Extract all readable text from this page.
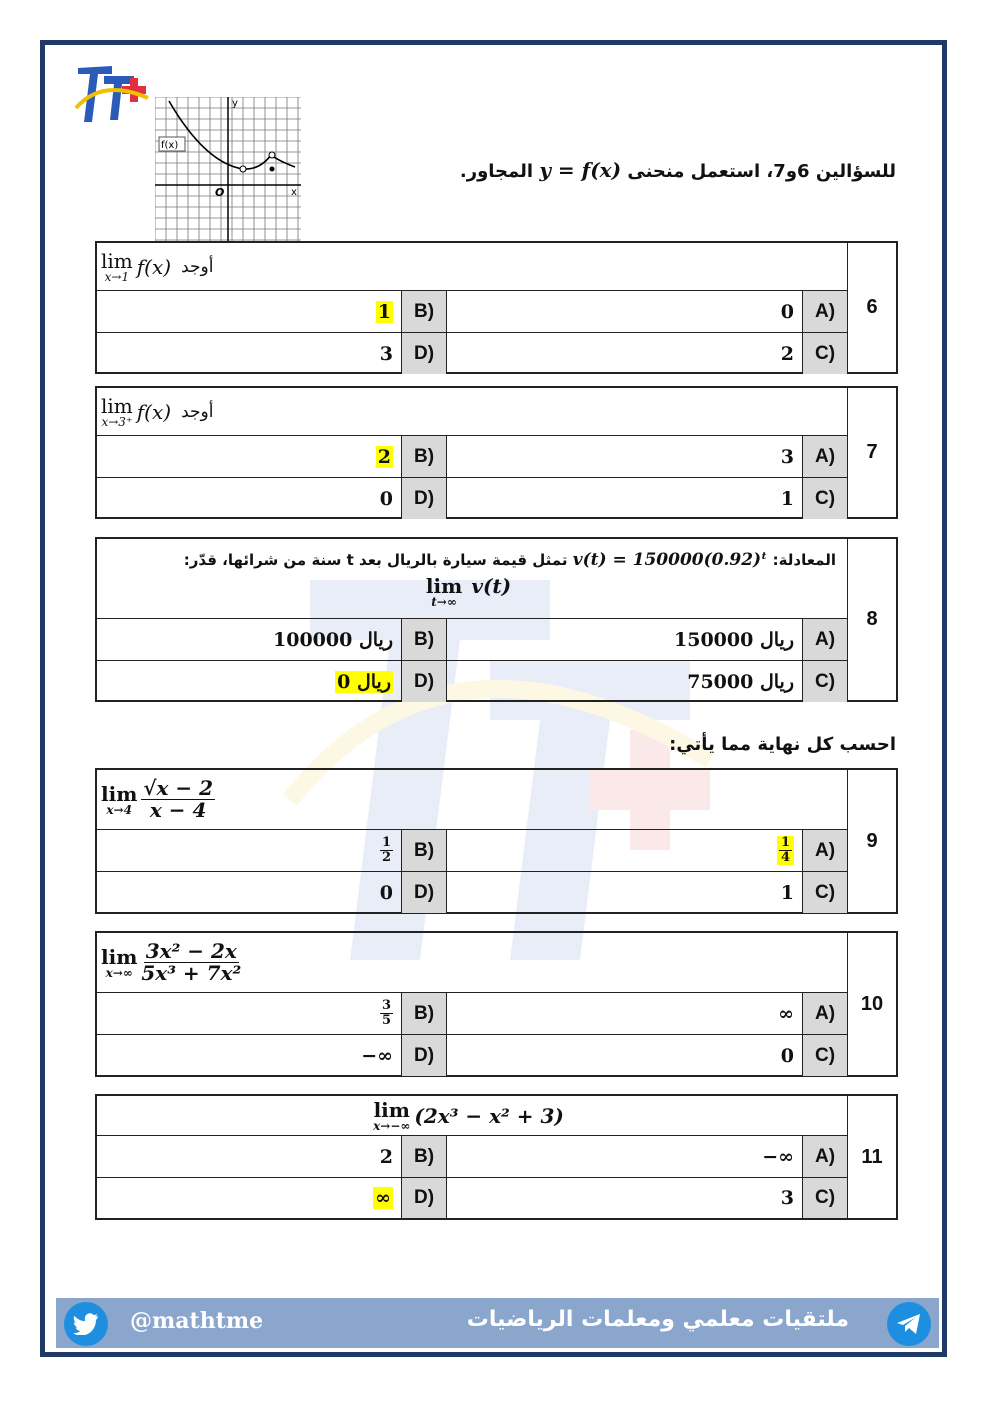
f(x)
x
y
O
للسؤالين 6و7، استعمل منحنى y = f(x) المجاور.
6
أوجد
lim
x→1 f(x)
0	A)
1	B)
2	C)
3	D)
7
أوجد
lim
x→3⁺ f(x)
3	A)
2	B)
1	C)
0	D)
8
المعادلة: v(t) = 150000(0.92)ᵗ تمثل قيمة سيارة بالريال بعد t سنة من شرائها، قدّر:
lim
t→∞
v(t)
150000 ريال	A)
100000 ريال	B)
75000 ريال	C)
0 ريال	D)
احسب كل نهاية مما يأتي:
9
lim
$x\to 4 \frac{√x - 2}{x - 4}$
$\frac{1}{4}$	A)
$\frac{1}{2}$	B)
1	C)
0	D)
10
lim
$x\to\infty \frac{\text{3x² − 2x}}{\text{5x³ + 7x²}}$
∞	A)
$\frac{3}{5}$	B)
0	C)
−∞	D)
11
lim
x→−∞ (2x³ − x² + 3)
−∞	A)
2	B)
3	C)
∞	D)
@mathtme	ملتقيات معلمي ومعلمات الرياضيات
